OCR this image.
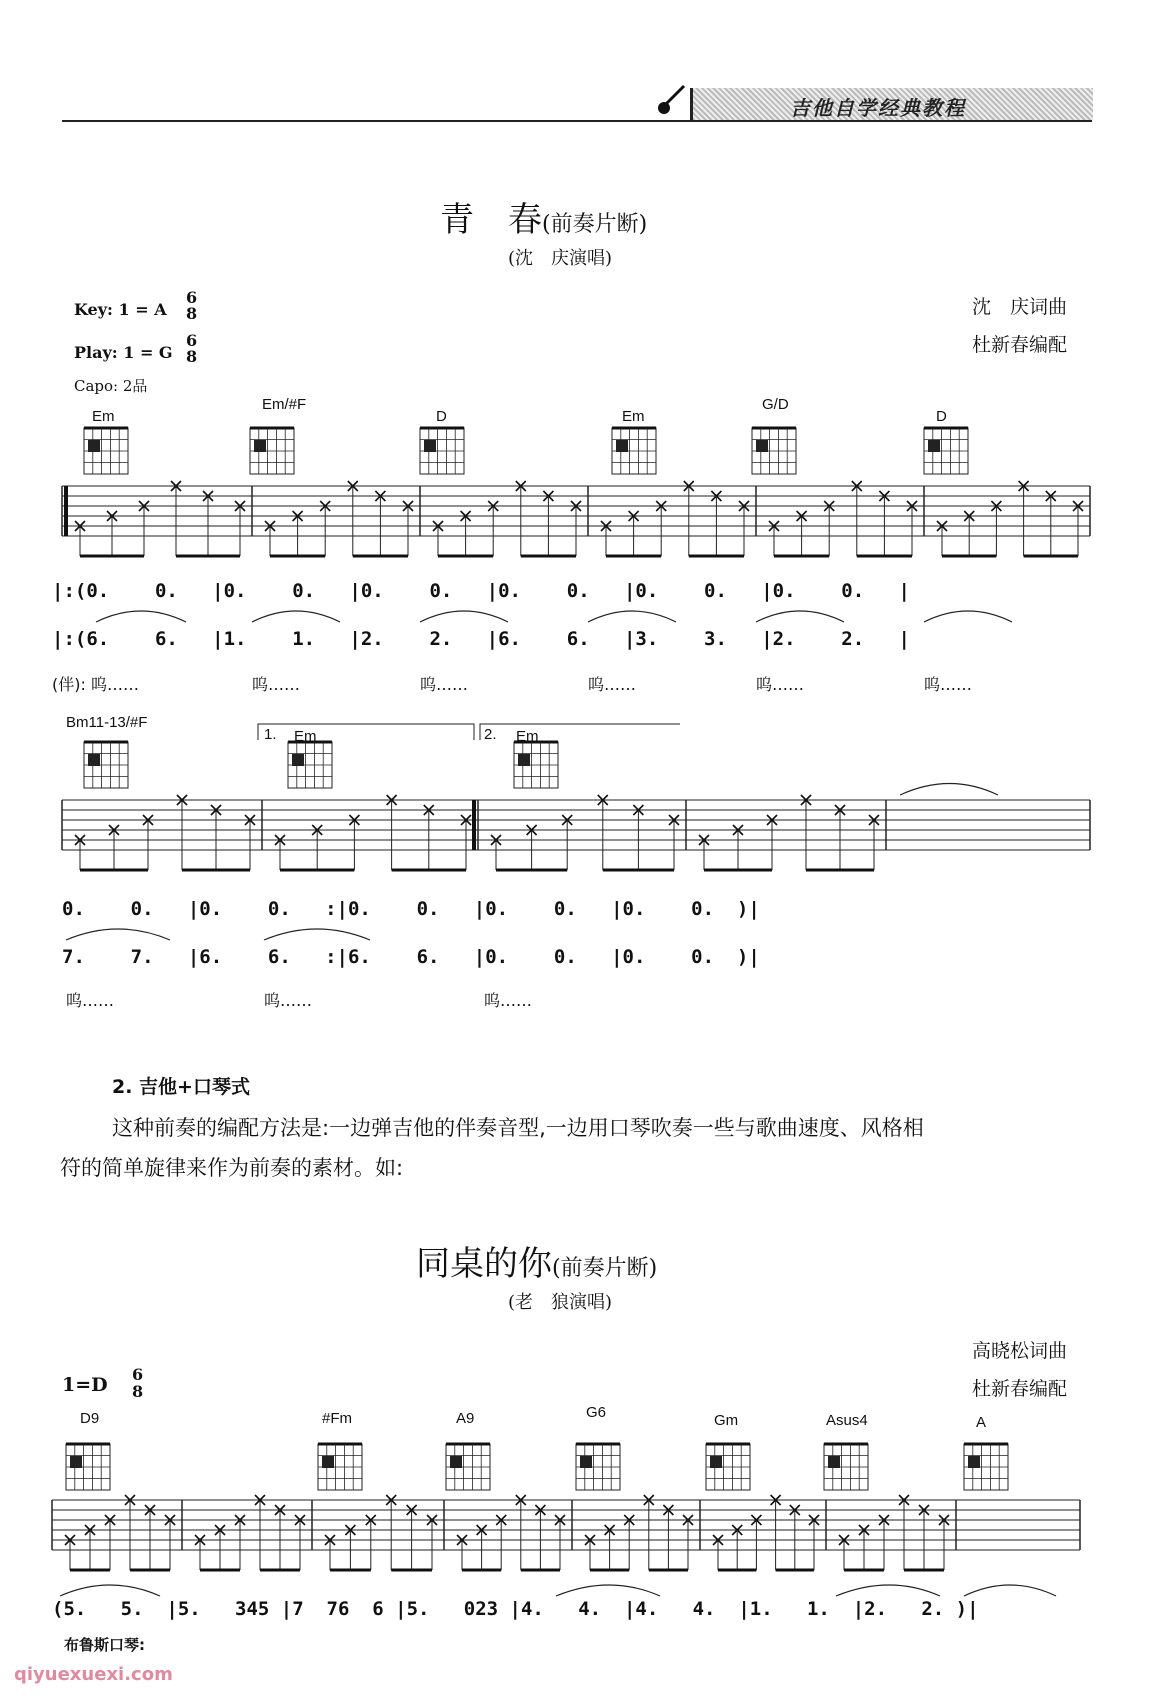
吉他自学经典教程
青　春(前奏片断)
(沈　庆演唱)
Key: 1 = A
6
8
Play: 1 = G
6
8
Capo: 2品
沈　庆词曲
杜新春编配
Em
Em/#F
D	Em
G/D
D
Bm11-13/#F
Em	Em
1.	2.
|:(0.    0.   |0.    0.   |0.    0.   |0.    0.   |0.    0.   |0.    0.   |
|:(6.    6.   |1.    1.   |2.    2.   |6.    6.   |3.    3.   |2.    2.   |
(伴): 呜……	呜……	呜……	呜……	呜……	呜……
0.    0.   |0.    0.   :|0.    0.   |0.    0.   |0.    0.  )|
7.    7.   |6.    6.   :|6.    6.   |0.    0.   |0.    0.  )|
呜……	呜……	呜……
2. 吉他+口琴式
这种前奏的编配方法是:一边弹吉他的伴奏音型,一边用口琴吹奏一些与歌曲速度、风格相
符的简单旋律来作为前奏的素材。如:
同桌的你(前奏片断)
(老　狼演唱)
高晓松词曲
杜新春编配
1=D 6
8
D9	#Fm	A9	G6	Gm	Asus4	A
(5.   5.  |5.   345 |7  76  6 |5.   023 |4.   4.  |4.   4.  |1.   1.  |2.   2. )|
布鲁斯口琴:
qiyuexuexi.com
